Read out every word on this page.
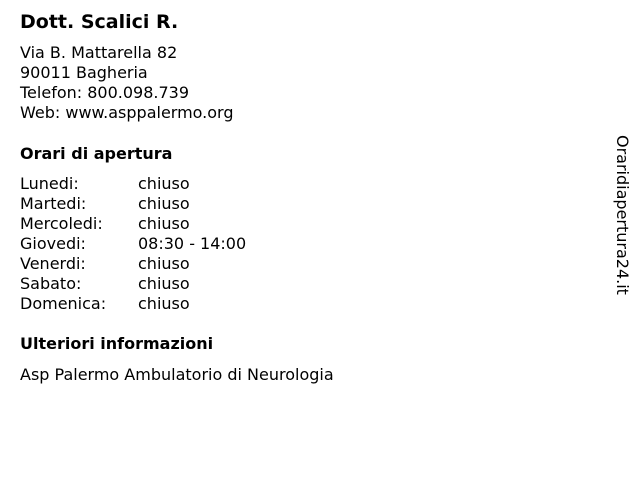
Dott. Scalici R.
Via B. Mattarella 82
90011 Bagheria
Telefon: 800.098.739
Web: www.asppalermo.org
Orari di apertura
Lunedi:	chiuso
Martedi:	chiuso
Mercoledi: chiuso
Giovedi:	08:30 - 14:00
Venerdi:	chiuso
Sabato:	chiuso
Domenica: chiuso
Ulteriori informazioni
Asp Palermo Ambulatorio di Neurologia
Oraridiapertura24.it
